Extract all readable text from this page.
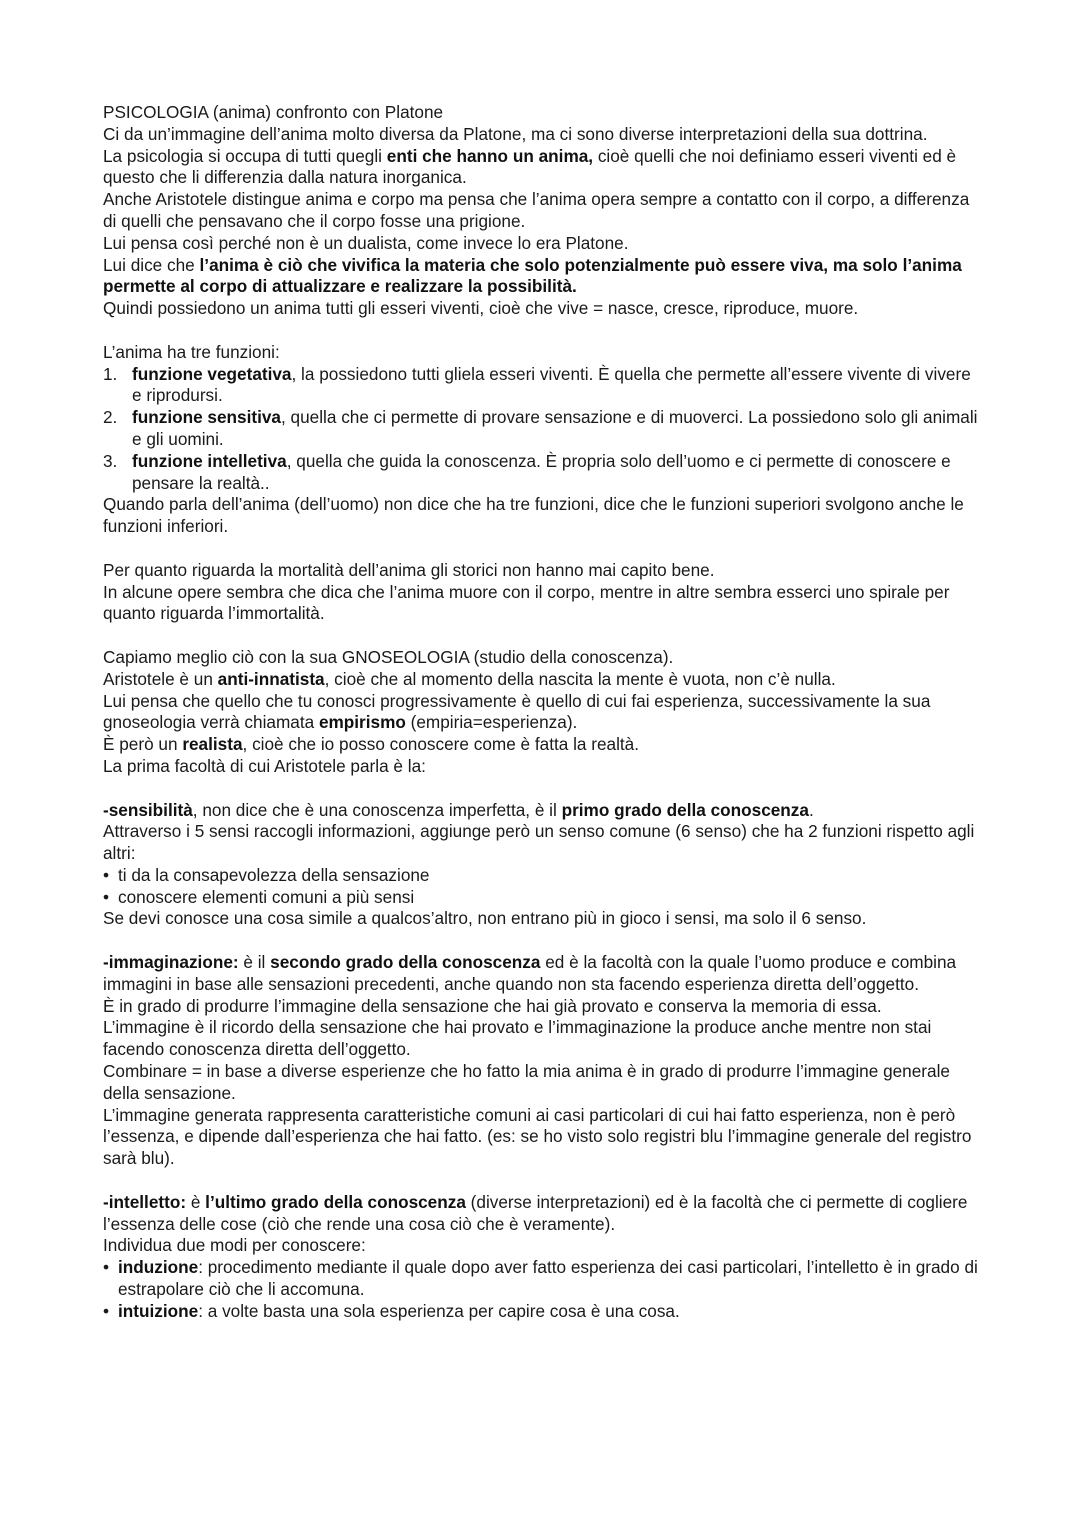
PSICOLOGIA (anima) confronto con Platone

Ci da un’immagine dell’anima molto diversa da Platone, ma ci sono diverse interpretazioni della sua dottrina.

La psicologia si occupa di tutti quegli enti che hanno un anima, cioè quelli che noi definiamo esseri viventi ed è questo che li differenzia dalla natura inorganica.

Anche Aristotele distingue anima e corpo ma pensa che l’anima opera sempre a contatto con il corpo, a differenza di quelli che pensavano che il corpo fosse una prigione.

Lui pensa così perché non è un dualista, come invece lo era Platone.

Lui dice che l’anima è ciò che vivifica la materia che solo potenzialmente può essere viva, ma solo l’anima permette al corpo di attualizzare e realizzare la possibilità.

Quindi possiedono un anima tutti gli esseri viventi, cioè che vive = nasce, cresce, riproduce, muore.

L’anima ha tre funzioni:

1. funzione vegetativa, la possiedono tutti gliela esseri viventi. È quella che permette all’essere vivente di vivere e riprodursi.
2. funzione sensitiva, quella che ci permette di provare sensazione e di muoverci. La possiedono solo gli animali e gli uomini.
3. funzione intelletiva, quella che guida la conoscenza. È propria solo dell’uomo e ci permette di conoscere e pensare la realtà..

Quando parla dell’anima (dell’uomo) non dice che ha tre funzioni, dice che le funzioni superiori svolgono anche le funzioni inferiori.

Per quanto riguarda la mortalità dell’anima gli storici non hanno mai capito bene.

In alcune opere sembra che dica che l’anima muore con il corpo, mentre in altre sembra esserci uno spirale per quanto riguarda l’immortalità.

Capiamo meglio ciò con la sua GNOSEOLOGIA (studio della conoscenza).

Aristotele è un anti-innatista, cioè che al momento della nascita la mente è vuota, non c’è nulla.

Lui pensa che quello che tu conosci progressivamente è quello di cui fai esperienza, successivamente la sua gnoseologia verrà chiamata empirismo (empiria=esperienza).

È però un realista, cioè che io posso conoscere come è fatta la realtà.

La prima facoltà di cui Aristotele parla è la:

-sensibilità, non dice che è una conoscenza imperfetta, è il primo grado della conoscenza.

Attraverso i 5 sensi raccogli informazioni, aggiunge però un senso comune (6 senso) che ha 2 funzioni rispetto agli altri:

• ti da la consapevolezza della sensazione
• conoscere elementi comuni a più sensi

Se devi conosce una cosa simile a qualcos’altro, non entrano più in gioco i sensi, ma solo il 6 senso.

-immaginazione: è il secondo grado della conoscenza ed è la facoltà con la quale l’uomo produce e combina immagini in base alle sensazioni precedenti, anche quando non sta facendo esperienza diretta dell’oggetto.

È in grado di produrre l’immagine della sensazione che hai già provato e conserva la memoria di essa.

L’immagine è il ricordo della sensazione che hai provato e l’immaginazione la produce anche mentre non stai facendo conoscenza diretta dell’oggetto.

Combinare = in base a diverse esperienze che ho fatto la mia anima è in grado di produrre l’immagine generale della sensazione.

L’immagine generata rappresenta caratteristiche comuni ai casi particolari di cui hai fatto esperienza, non è però l’essenza, e dipende dall’esperienza che hai fatto. (es: se ho visto solo registri blu l’immagine generale del registro sarà blu).

-intelletto: è l’ultimo grado della conoscenza (diverse interpretazioni) ed è la facoltà che ci permette di cogliere l’essenza delle cose (ciò che rende una cosa ciò che è veramente).

Individua due modi per conoscere:

• induzione: procedimento mediante il quale dopo aver fatto esperienza dei casi particolari, l’intelletto è in grado di estrapolare ciò che li accomuna.
• intuizione: a volte basta una sola esperienza per capire cosa è una cosa.
